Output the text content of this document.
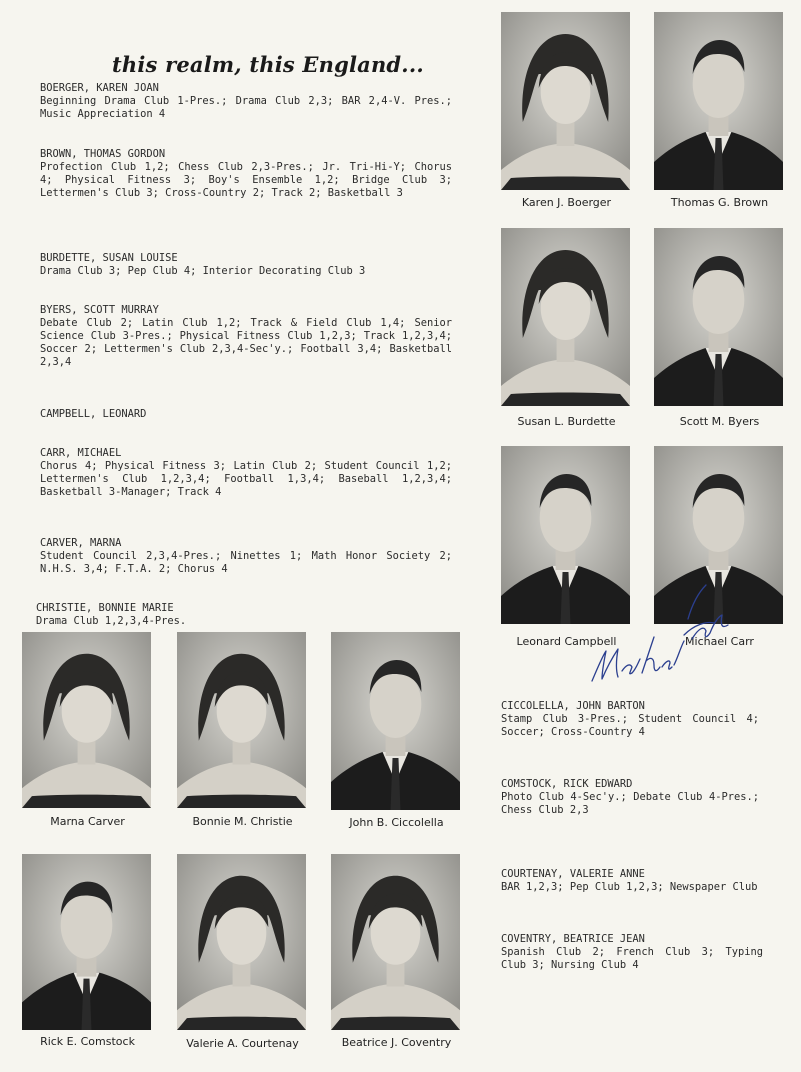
this realm, this England...
BOERGER, KAREN JOAN
Beginning Drama Club 1-Pres.; Drama Club 2,3; BAR 2,4-V. Pres.; Music Appreciation 4
BROWN, THOMAS GORDON
Profection Club 1,2; Chess Club 2,3-Pres.; Jr. Tri-Hi-Y; Chorus 4; Physical Fitness 3; Boy's Ensemble 1,2; Bridge Club 3; Lettermen's Club 3; Cross-Country 2; Track 2; Basketball 3
BURDETTE, SUSAN LOUISE
Drama Club 3; Pep Club 4; Interior Decorating Club 3
BYERS, SCOTT MURRAY
Debate Club 2; Latin Club 1,2; Track & Field Club 1,4; Senior Science Club 3-Pres.; Physical Fitness Club 1,2,3; Track 1,2,3,4; Soccer 2; Lettermen's Club 2,3,4-Sec'y.; Football 3,4; Basketball 2,3,4
CAMPBELL, LEONARD
CARR, MICHAEL
Chorus 4; Physical Fitness 3; Latin Club 2; Student Council 1,2; Lettermen's Club 1,2,3,4; Football 1,3,4; Baseball 1,2,3,4; Basketball 3-Manager; Track 4
CARVER, MARNA
Student Council 2,3,4-Pres.; Ninettes 1; Math Honor Society 2; N.H.S. 3,4; F.T.A. 2; Chorus 4
CHRISTIE, BONNIE MARIE
Drama Club 1,2,3,4-Pres.
CICCOLELLA, JOHN BARTON
Stamp Club 3-Pres.; Student Council 4; Soccer; Cross-Country 4
COMSTOCK, RICK EDWARD
Photo Club 4-Sec'y.; Debate Club 4-Pres.; Chess Club 2,3
COURTENAY, VALERIE ANNE
BAR 1,2,3; Pep Club 1,2,3; Newspaper Club
COVENTRY, BEATRICE JEAN
Spanish Club 2; French Club 3; Typing Club 3; Nursing Club 4
Karen J. Boerger	Thomas G. Brown
Susan L. Burdette	Scott M. Byers
Leonard Campbell	Michael Carr
Marna Carver	Bonnie M. Christie	John B. Ciccolella
Rick E. Comstock	Valerie A. Courtenay	Beatrice J. Coventry
